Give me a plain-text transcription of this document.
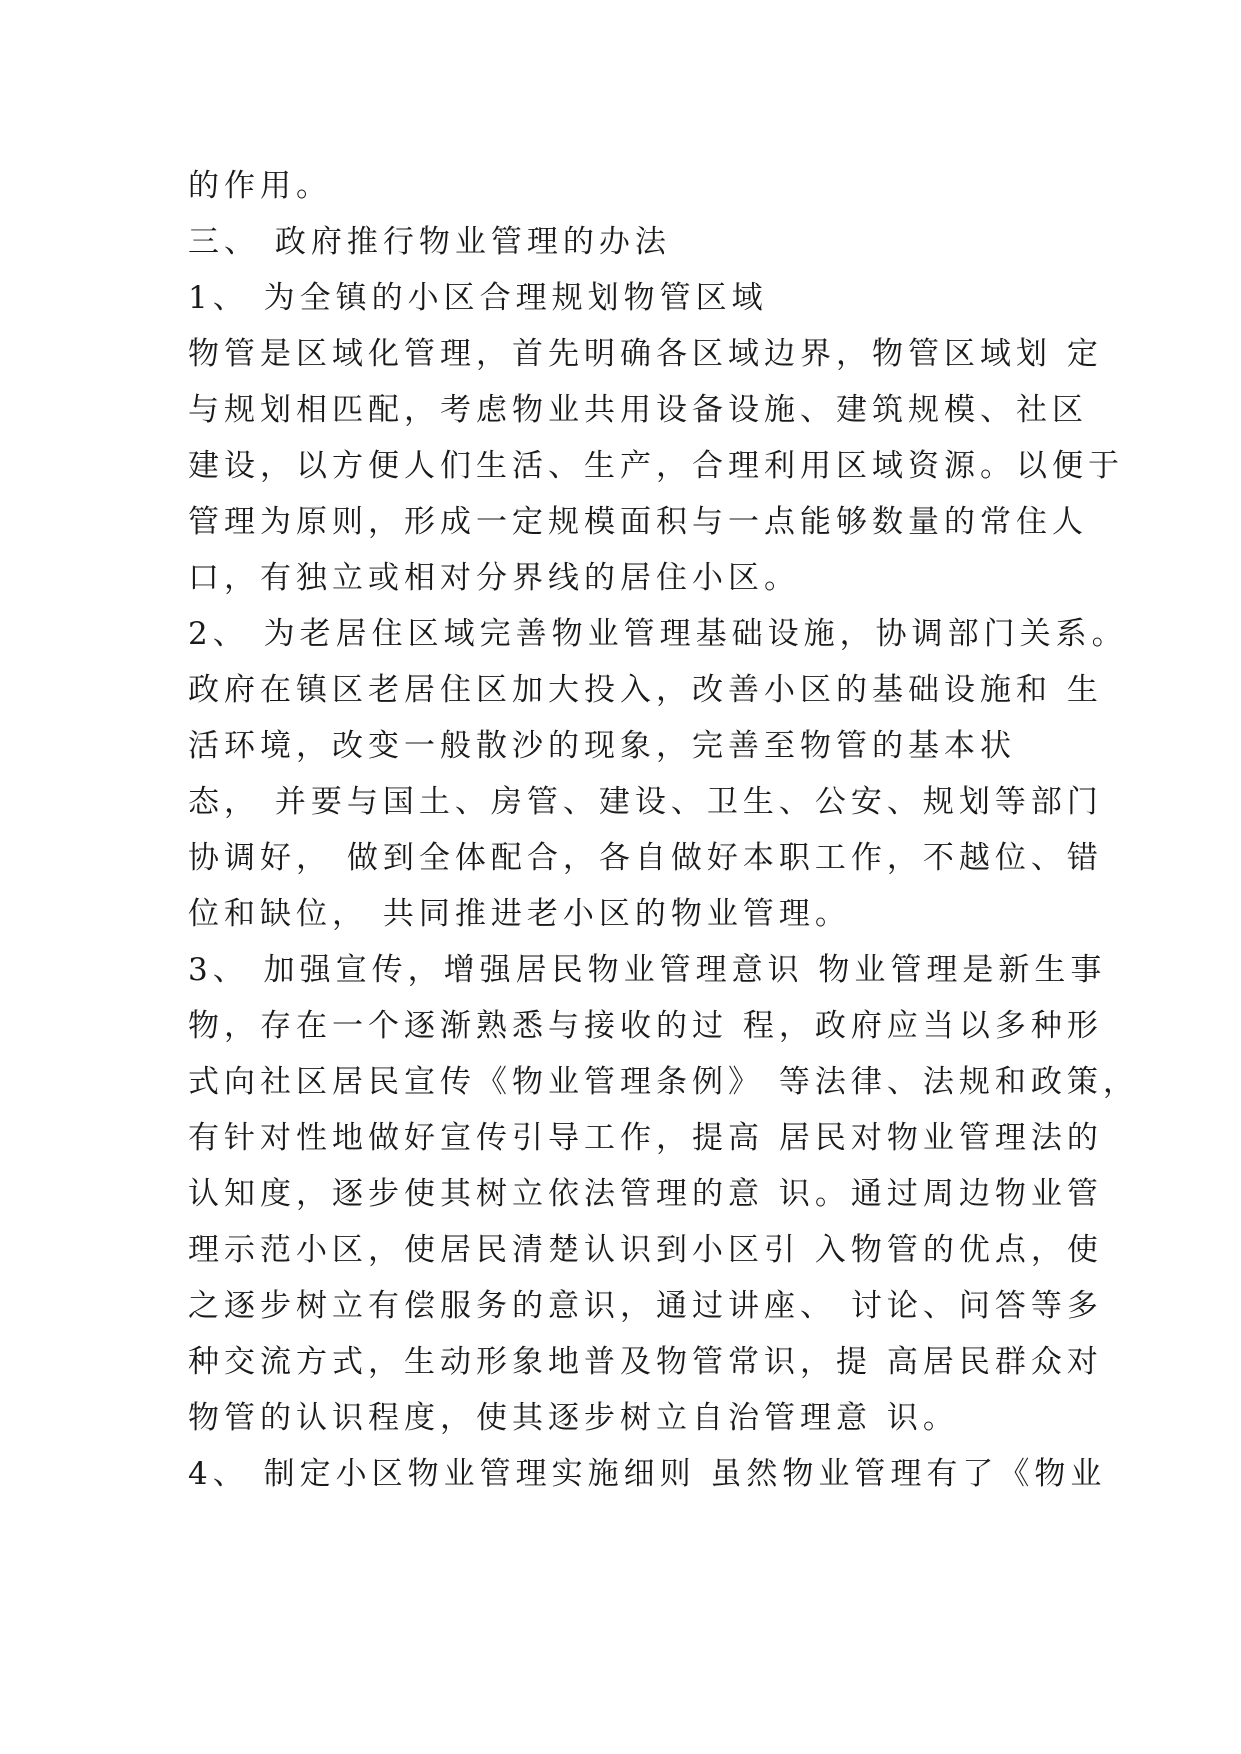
的作用。
三、 政府推行物业管理的办法
1、 为全镇的小区合理规划物管区域
物管是区域化管理，首先明确各区域边界，物管区域划 定
与规划相匹配，考虑物业共用设备设施、建筑规模、社区
建设，以方便人们生活、生产，合理利用区域资源。以便于
管理为原则，形成一定规模面积与一点能够数量的常住人
口，有独立或相对分界线的居住小区。
2、 为老居住区域完善物业管理基础设施，协调部门关系。
政府在镇区老居住区加大投入，改善小区的基础设施和 生
活环境，改变一般散沙的现象，完善至物管的基本状
态， 并要与国土、房管、建设、卫生、公安、规划等部门
协调好， 做到全体配合，各自做好本职工作，不越位、错
位和缺位， 共同推进老小区的物业管理。
3、 加强宣传，增强居民物业管理意识 物业管理是新生事
物，存在一个逐渐熟悉与接收的过 程，政府应当以多种形
式向社区居民宣传《物业管理条例》 等法律、法规和政策，
有针对性地做好宣传引导工作，提高 居民对物业管理法的
认知度，逐步使其树立依法管理的意 识。通过周边物业管
理示范小区，使居民清楚认识到小区引 入物管的优点，使
之逐步树立有偿服务的意识，通过讲座、 讨论、问答等多
种交流方式，生动形象地普及物管常识，提 高居民群众对
物管的认识程度，使其逐步树立自治管理意 识。
4、 制定小区物业管理实施细则 虽然物业管理有了《物业
